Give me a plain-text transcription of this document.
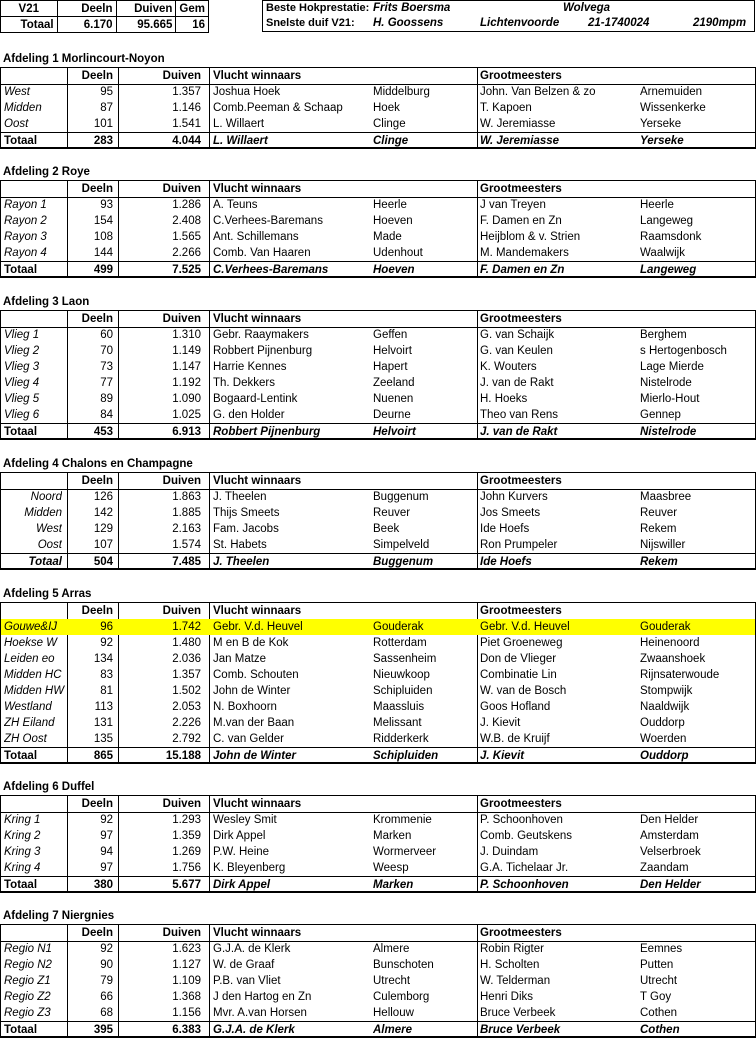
V21	Deeln	Duiven	Gem
Totaal	6.170	95.665	16
Beste Hokprestatie: Frits Boersma	Wolvega
Snelste duif V21: H. Goossens	Lichtenvoorde	21-1740024	2190mpm
Afdeling 1 Morlincourt-Noyon
Deeln	Duiven Vlucht winnaars	Grootmeesters
West	95	1.357 Joshua Hoek	Middelburg	John. Van Belzen & zo	Arnemuiden
Midden	87	1.146 Comb.Peeman & Schaap	Hoek	T. Kapoen	Wissenkerke
Oost	101	1.541 L. Willaert	Clinge	W. Jeremiasse	Yerseke
Totaal	283	4.044 L. Willaert	Clinge	W. Jeremiasse	Yerseke
Afdeling 2 Roye
Deeln	Duiven Vlucht winnaars	Grootmeesters
Rayon 1	93	1.286 A. Teuns	Heerle	J van Treyen	Heerle
Rayon 2	154	2.408 C.Verhees-Baremans	Hoeven	F. Damen en Zn	Langeweg
Rayon 3	108	1.565 Ant. Schillemans	Made	Heijblom & v. Strien	Raamsdonk
Rayon 4	144	2.266 Comb. Van Haaren	Udenhout	M. Mandemakers	Waalwijk
Totaal	499	7.525 C.Verhees-Baremans	Hoeven	F. Damen en Zn	Langeweg
Afdeling 3 Laon
Deeln	Duiven Vlucht winnaars	Grootmeesters
Vlieg 1	60	1.310 Gebr. Raaymakers	Geffen	G. van Schaijk	Berghem
Vlieg 2	70	1.149 Robbert Pijnenburg	Helvoirt	G. van Keulen	s Hertogenbosch
Vlieg 3	73	1.147 Harrie Kennes	Hapert	K. Wouters	Lage Mierde
Vlieg 4	77	1.192 Th. Dekkers	Zeeland	J. van de Rakt	Nistelrode
Vlieg 5	89	1.090 Bogaard-Lentink	Nuenen	H. Hoeks	Mierlo-Hout
Vlieg 6	84	1.025 G. den Holder	Deurne	Theo van Rens	Gennep
Totaal	453	6.913 Robbert Pijnenburg	Helvoirt	J. van de Rakt	Nistelrode
Afdeling 4 Chalons en Champagne
Deeln	Duiven Vlucht winnaars	Grootmeesters
Noord	126	1.863 J. Theelen	Buggenum	John Kurvers	Maasbree
Midden	142	1.885 Thijs Smeets	Reuver	Jos Smeets	Reuver
West	129	2.163 Fam. Jacobs	Beek	Ide Hoefs	Rekem
Oost	107	1.574 St. Habets	Simpelveld	Ron Prumpeler	Nijswiller
Totaal	504	7.485 J. Theelen	Buggenum	Ide Hoefs	Rekem
Afdeling 5 Arras
Deeln	Duiven Vlucht winnaars	Grootmeesters
Gouwe&IJ	96	1.742 Gebr. V.d. Heuvel	Gouderak	Gebr. V.d. Heuvel	Gouderak
Hoekse W	92	1.480 M en B de Kok	Rotterdam	Piet Groeneweg	Heinenoord
Leiden eo	134	2.036 Jan Matze	Sassenheim	Don de Vlieger	Zwaanshoek
Midden HC	83	1.357 Comb. Schouten	Nieuwkoop	Combinatie Lin	Rijnsaterwoude
Midden HW	81	1.502 John de Winter	Schipluiden	W. van de Bosch	Stompwijk
Westland	113	2.053 N. Boxhoorn	Maassluis	Goos Hofland	Naaldwijk
ZH Eiland	131	2.226 M.van der Baan	Melissant	J. Kievit	Ouddorp
ZH Oost	135	2.792 C. van Gelder	Ridderkerk	W.B. de Kruijf	Woerden
Totaal	865	15.188 John de Winter	Schipluiden	J. Kievit	Ouddorp
Afdeling 6 Duffel
Deeln	Duiven Vlucht winnaars	Grootmeesters
Kring 1	92	1.293 Wesley Smit	Krommenie	P. Schoonhoven	Den Helder
Kring 2	97	1.359 Dirk Appel	Marken	Comb. Geutskens	Amsterdam
Kring 3	94	1.269 P.W. Heine	Wormerveer	J. Duindam	Velserbroek
Kring 4	97	1.756 K. Bleyenberg	Weesp	G.A. Tichelaar Jr.	Zaandam
Totaal	380	5.677 Dirk Appel	Marken	P. Schoonhoven	Den Helder
Afdeling 7 Niergnies
Deeln	Duiven Vlucht winnaars	Grootmeesters
Regio N1	92	1.623 G.J.A. de Klerk	Almere	Robin Rigter	Eemnes
Regio N2	90	1.127 W. de Graaf	Bunschoten	H. Scholten	Putten
Regio Z1	79	1.109 P.B. van Vliet	Utrecht	W. Telderman	Utrecht
Regio Z2	66	1.368 J den Hartog en Zn	Culemborg	Henri Diks	T Goy
Regio Z3	68	1.156 Mvr. A.van Horsen	Hellouw	Bruce Verbeek	Cothen
Totaal	395	6.383 G.J.A. de Klerk	Almere	Bruce Verbeek	Cothen
